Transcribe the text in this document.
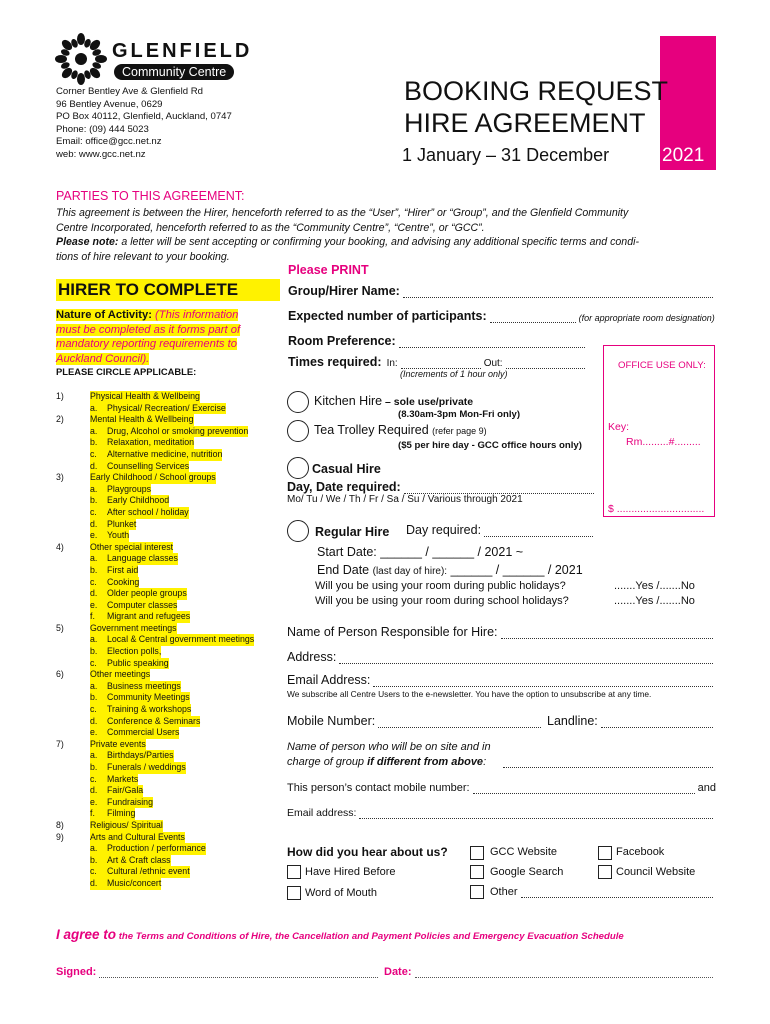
GLENFIELD
Community Centre
Corner Bentley Ave & Glenfield Rd
96 Bentley Avenue, 0629
PO Box 40112, Glenfield, Auckland, 0747
Phone: (09) 444 5023
Email: office@gcc.net.nz
web: www.gcc.net.nz
BOOKING REQUEST
HIRE AGREEMENT
1 January – 31 December	2021
PARTIES TO THIS AGREEMENT:
This agreement is between the Hirer, henceforth referred to as the “User”, “Hirer” or “Group”, and the Glenfield Community
Centre Incorporated, henceforth referred to as the “Community Centre”, “Centre”, or “GCC”.
Please note: a letter will be sent accepting or confirming your booking, and advising any additional specific terms and condi-
tions of hire relevant to your booking.
Please PRINT
HIRER TO COMPLETE
Nature of Activity: (This information
must be completed as it forms part of
mandatory reporting requirements to
Auckland Council).
PLEASE CIRCLE APPLICABLE:
1)	Physical Health & Wellbeing
a. Physical/ Recreation/ Exercise
2)	Mental Health & Wellbeing
a. Drug, Alcohol or smoking prevention
b. Relaxation, meditation
c. Alternative medicine, nutrition
d. Counselling Services
3)	Early Childhood / School groups
a. Playgroups
b. Early Childhood
c. After school / holiday
d. Plunket
e. Youth
4)	Other special interest
a. Language classes
b. First aid
c. Cooking
d. Older people groups
e. Computer classes
f. Migrant and refugees
5)	Government meetings
a. Local & Central government meetings
b. Election polls,
c. Public speaking
6)	Other meetings
a. Business meetings
b. Community Meetings
c. Training & workshops
d. Conference & Seminars
e. Commercial Users
7)	Private events
a. Birthdays/Parties
b. Funerals / weddings
c. Markets
d. Fair/Gala
e. Fundraising
f. Filming
8)	Religious/ Spiritual
9)	Arts and Cultural Events
a. Production / performance
b. Art & Craft class
c. Cultural /ethnic event
d. Music/concert
Group/Hirer Name:
Expected number of participants:	(for appropriate room designation)
Room Preference:
Times required: In:	Out:
(Increments of 1 hour only)
OFFICE USE ONLY:
Key:
Rm.........#.........
$ ..............................
Kitchen Hire – sole use/private
(8.30am-3pm Mon-Fri only)
Tea Trolley Required (refer page 9)
($5 per hire day - GCC office hours only)
Casual Hire
Day, Date required:
Mo/ Tu / We / Th / Fr / Sa / Su / Various through 2021
Regular Hire Day required:
Start Date: ______ / ______ / 2021 ~
End Date (last day of hire): ______ / ______ / 2021
Will you be using your room during public holidays?	.......Yes /.......No
Will you be using your room during school holidays?	.......Yes /.......No
Name of Person Responsible for Hire:
Address:
Email Address:
We subscribe all Centre Users to the e-newsletter. You have the option to unsubscribe at any time.
Mobile Number:	Landline:
Name of person who will be on site and in
charge of group if different from above:
This person’s contact mobile number:	and
Email address:
How did you hear about us?	GCC Website	Facebook
Have Hired Before	Google Search	Council Website
Word of Mouth	Other
I agree to the Terms and Conditions of Hire, the Cancellation and Payment Policies and Emergency Evacuation Schedule
Signed:	Date:
